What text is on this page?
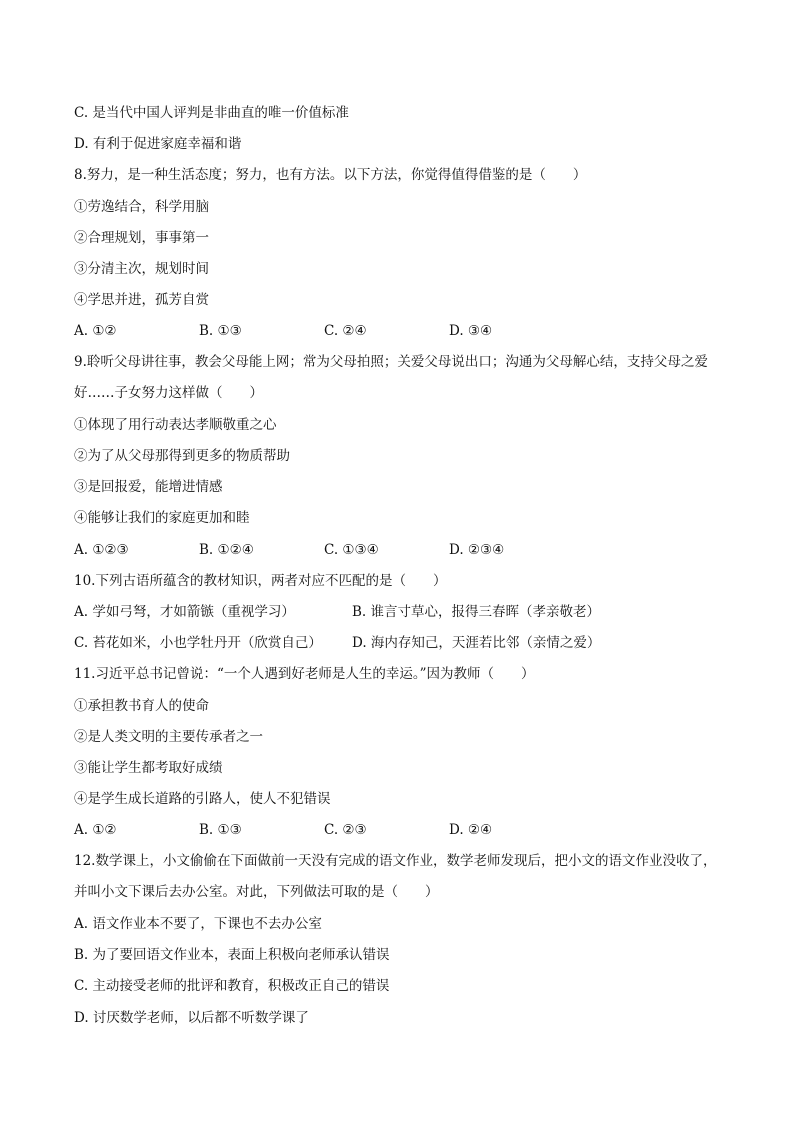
C. 是当代中国人评判是非曲直的唯一价值标准
D. 有利于促进家庭幸福和谐
8.努力，是一种生活态度；努力，也有方法。以下方法，你觉得值得借鉴的是（　　）
①劳逸结合，科学用脑
②合理规划，事事第一
③分清主次，规划时间
④学思并进，孤芳自赏
A. ①②	B. ①③	C. ②④	D. ③④
9.聆听父母讲往事，教会父母能上网；常为父母拍照；关爱父母说出口；沟通为父母解心结，支持父母之爱好……子女努力这样做（　　）
①体现了用行动表达孝顺敬重之心
②为了从父母那得到更多的物质帮助
③是回报爱，能增进情感
④能够让我们的家庭更加和睦
A. ①②③	B. ①②④	C. ①③④	D. ②③④
10.下列古语所蕴含的教材知识，两者对应不匹配的是（　　）
A. 学如弓弩，才如箭镞（重视学习）	B. 谁言寸草心，报得三春晖（孝亲敬老）
C. 苔花如米，小也学牡丹开（欣赏自己）	D. 海内存知己，天涯若比邻（亲情之爱）
11.习近平总书记曾说：“一个人遇到好老师是人生的幸运。”因为教师（　　）
①承担教书育人的使命
②是人类文明的主要传承者之一
③能让学生都考取好成绩
④是学生成长道路的引路人，使人不犯错误
A. ①②	B. ①③	C. ②③	D. ②④
12.数学课上，小文偷偷在下面做前一天没有完成的语文作业，数学老师发现后，把小文的语文作业没收了，并叫小文下课后去办公室。对此，下列做法可取的是（　　）
A. 语文作业本不要了，下课也不去办公室
B. 为了要回语文作业本，表面上积极向老师承认错误
C. 主动接受老师的批评和教育，积极改正自己的错误
D. 讨厌数学老师，以后都不听数学课了
